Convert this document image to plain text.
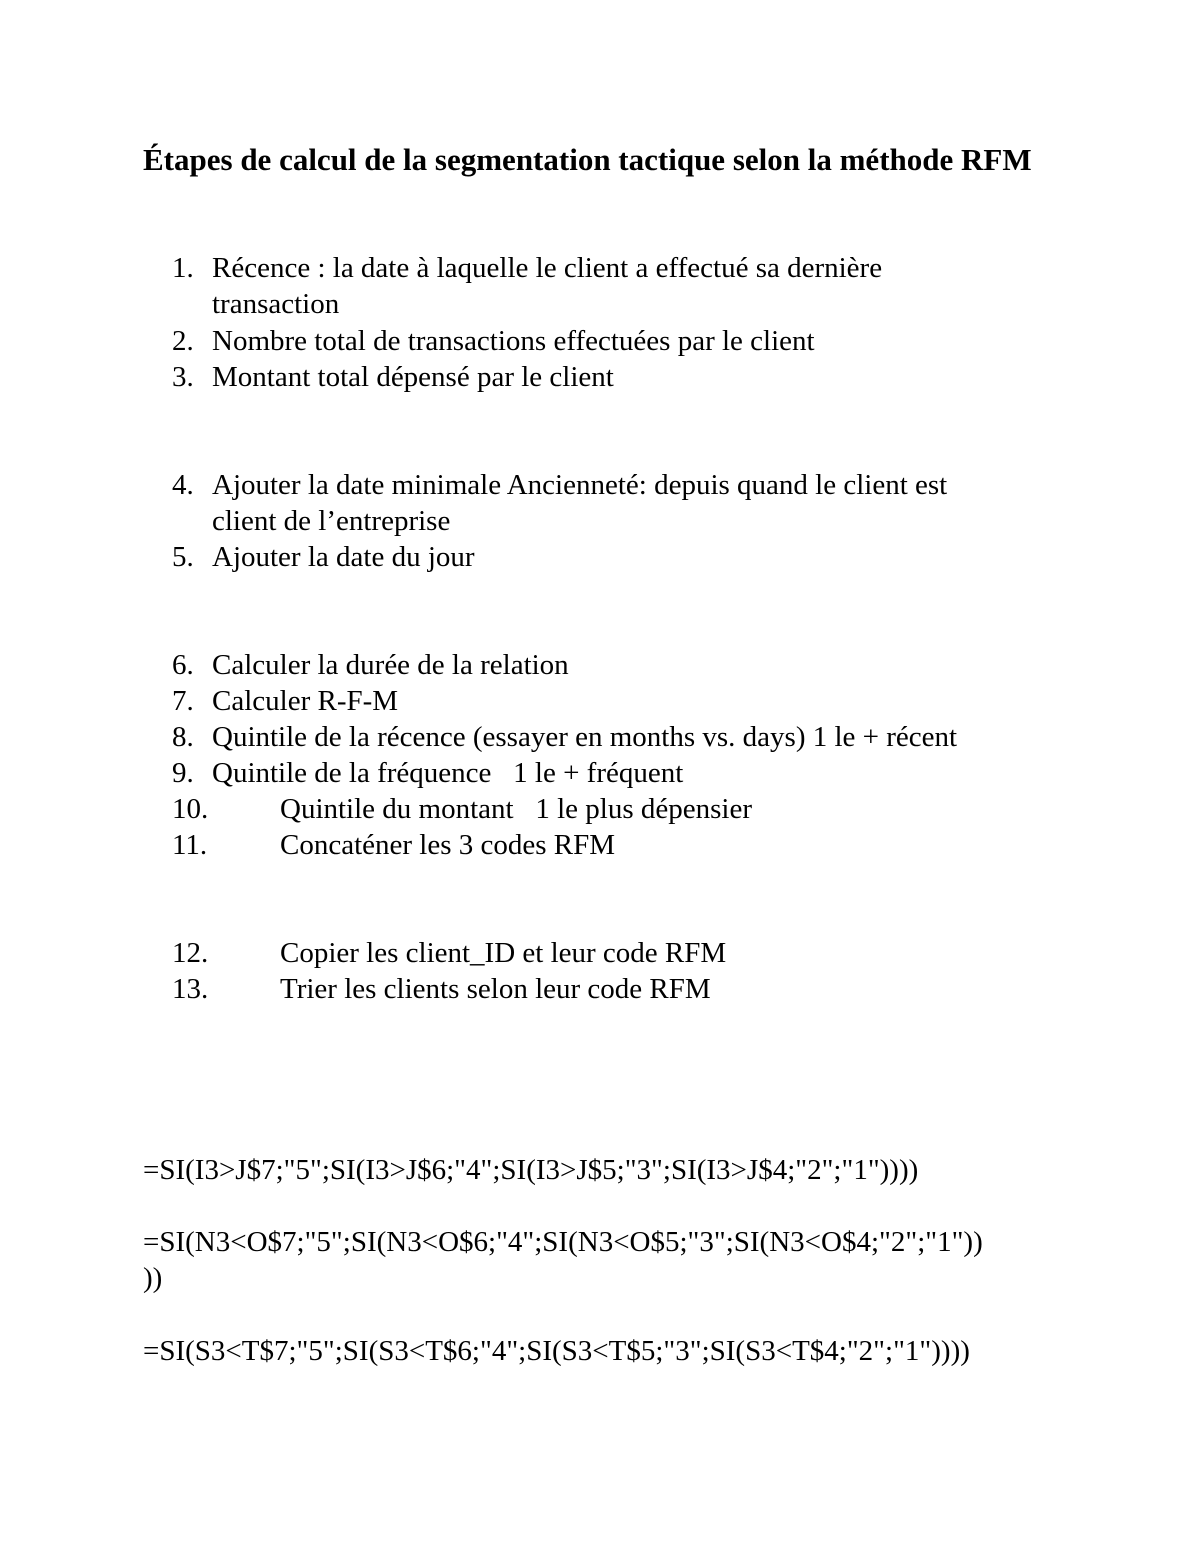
Étapes de calcul de la segmentation tactique selon la méthode RFM
1. Récence : la date à laquelle le client a effectué sa dernière
transaction
2. Nombre total de transactions effectuées par le client
3. Montant total dépensé par le client
4. Ajouter la date minimale Ancienneté: depuis quand le client est
client de l’entreprise
5. Ajouter la date du jour
6. Calculer la durée de la relation
7. Calculer R-F-M
8. Quintile de la récence (essayer en months vs. days) 1 le + récent
9. Quintile de la fréquence   1 le + fréquent
10. Quintile du montant   1 le plus dépensier
11.	Concaténer les 3 codes RFM
12. Copier les client_ID et leur code RFM
13. Trier les clients selon leur code RFM
=SI(I3>J$7;"5";SI(I3>J$6;"4";SI(I3>J$5;"3";SI(I3>J$4;"2";"1"))))
=SI(N3<O$7;"5";SI(N3<O$6;"4";SI(N3<O$5;"3";SI(N3<O$4;"2";"1"))
))
=SI(S3<T$7;"5";SI(S3<T$6;"4";SI(S3<T$5;"3";SI(S3<T$4;"2";"1"))))
